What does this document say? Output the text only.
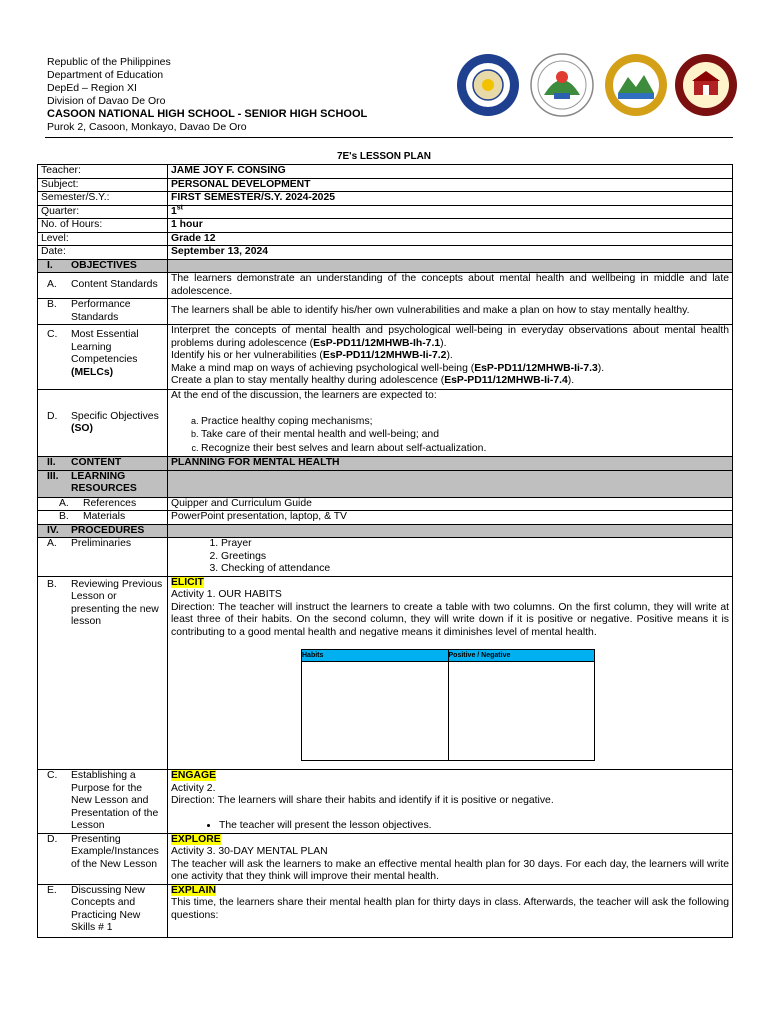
Republic of the Philippines
Department of Education
DepEd – Region XI
Division of Davao De Oro
CASOON NATIONAL HIGH SCHOOL - SENIOR HIGH SCHOOL
Purok 2, Casoon, Monkayo, Davao De Oro
7E's LESSON PLAN
Teacher:	JAME JOY F. CONSING
Subject:	PERSONAL DEVELOPMENT
Semester/S.Y.:	FIRST SEMESTER/S.Y. 2024-2025
Quarter:	1st
No. of Hours:	1 hour
Level:	Grade 12
Date:	September 13, 2024

I.	OBJECTIVES

A.	Content Standards
	The learners demonstrate an understanding of the concepts about mental health and wellbeing in middle and late adolescence.

B.	Performance Standards
	The learners shall be able to identify his/her own vulnerabilities and make a plan on how to stay mentally healthy.

C.	Most Essential Learning Competencies
(MELCs)

Interpret the concepts of mental health and psychological well-being in everyday observations about mental health problems during adolescence (EsP-PD11/12MHWB-Ih-7.1).
Identify his or her vulnerabilities (EsP-PD11/12MHWB-Ii-7.2).
Make a mind map on ways of achieving psychological well-being (EsP-PD11/12MHWB-Ii-7.3).
Create a plan to stay mentally healthy during adolescence (EsP-PD11/12MHWB-Ii-7.4).

D.	Specific Objectives
(SO)

At the end of the discussion, the learners are expected to:
a. Practice healthy coping mechanisms;
b. Take care of their mental health and well-being; and
c. Recognize their best selves and learn about self-actualization.

II.	CONTENT	PLANNING FOR MENTAL HEALTH

III.	LEARNING RESOURCES

A.	References	Quipper and Curriculum Guide

B.	Materials	PowerPoint presentation, laptop, & TV

IV.	PROCEDURES

A.	Preliminaries

1.Prayer
2. Greetings
3. Checking of attendance

B.	Reviewing Previous Lesson or presenting the new lesson
	ELICIT
Activity 1. OUR HABITS
Direction: The teacher will instruct the learners to create a table with two columns. On the first column, they will write at least three of their habits. On the second column, they will write down if it is positive or negative. Positive means it is contributing to a good mental health and negative means it diminishes level of mental health.
Habits	Positive / Negative

C.	Establishing a Purpose for the New Lesson and Presentation of the Lesson
	ENGAGE
Activity 2.
Direction: The learners will share their habits and identify if it is positive or negative.
• The teacher will present the lesson objectives.

D.	Presenting Example/Instances of the New Lesson
	EXPLORE
Activity 3. 30-DAY MENTAL PLAN
The teacher will ask the learners to make an effective mental health plan for 30 days. For each day, the learners will write one activity that they think will improve their mental health.

E.	Discussing New Concepts and Practicing New Skills # 1
	EXPLAIN
This time, the learners share their mental health plan for thirty days in class. Afterwards, the teacher will ask the following questions:
